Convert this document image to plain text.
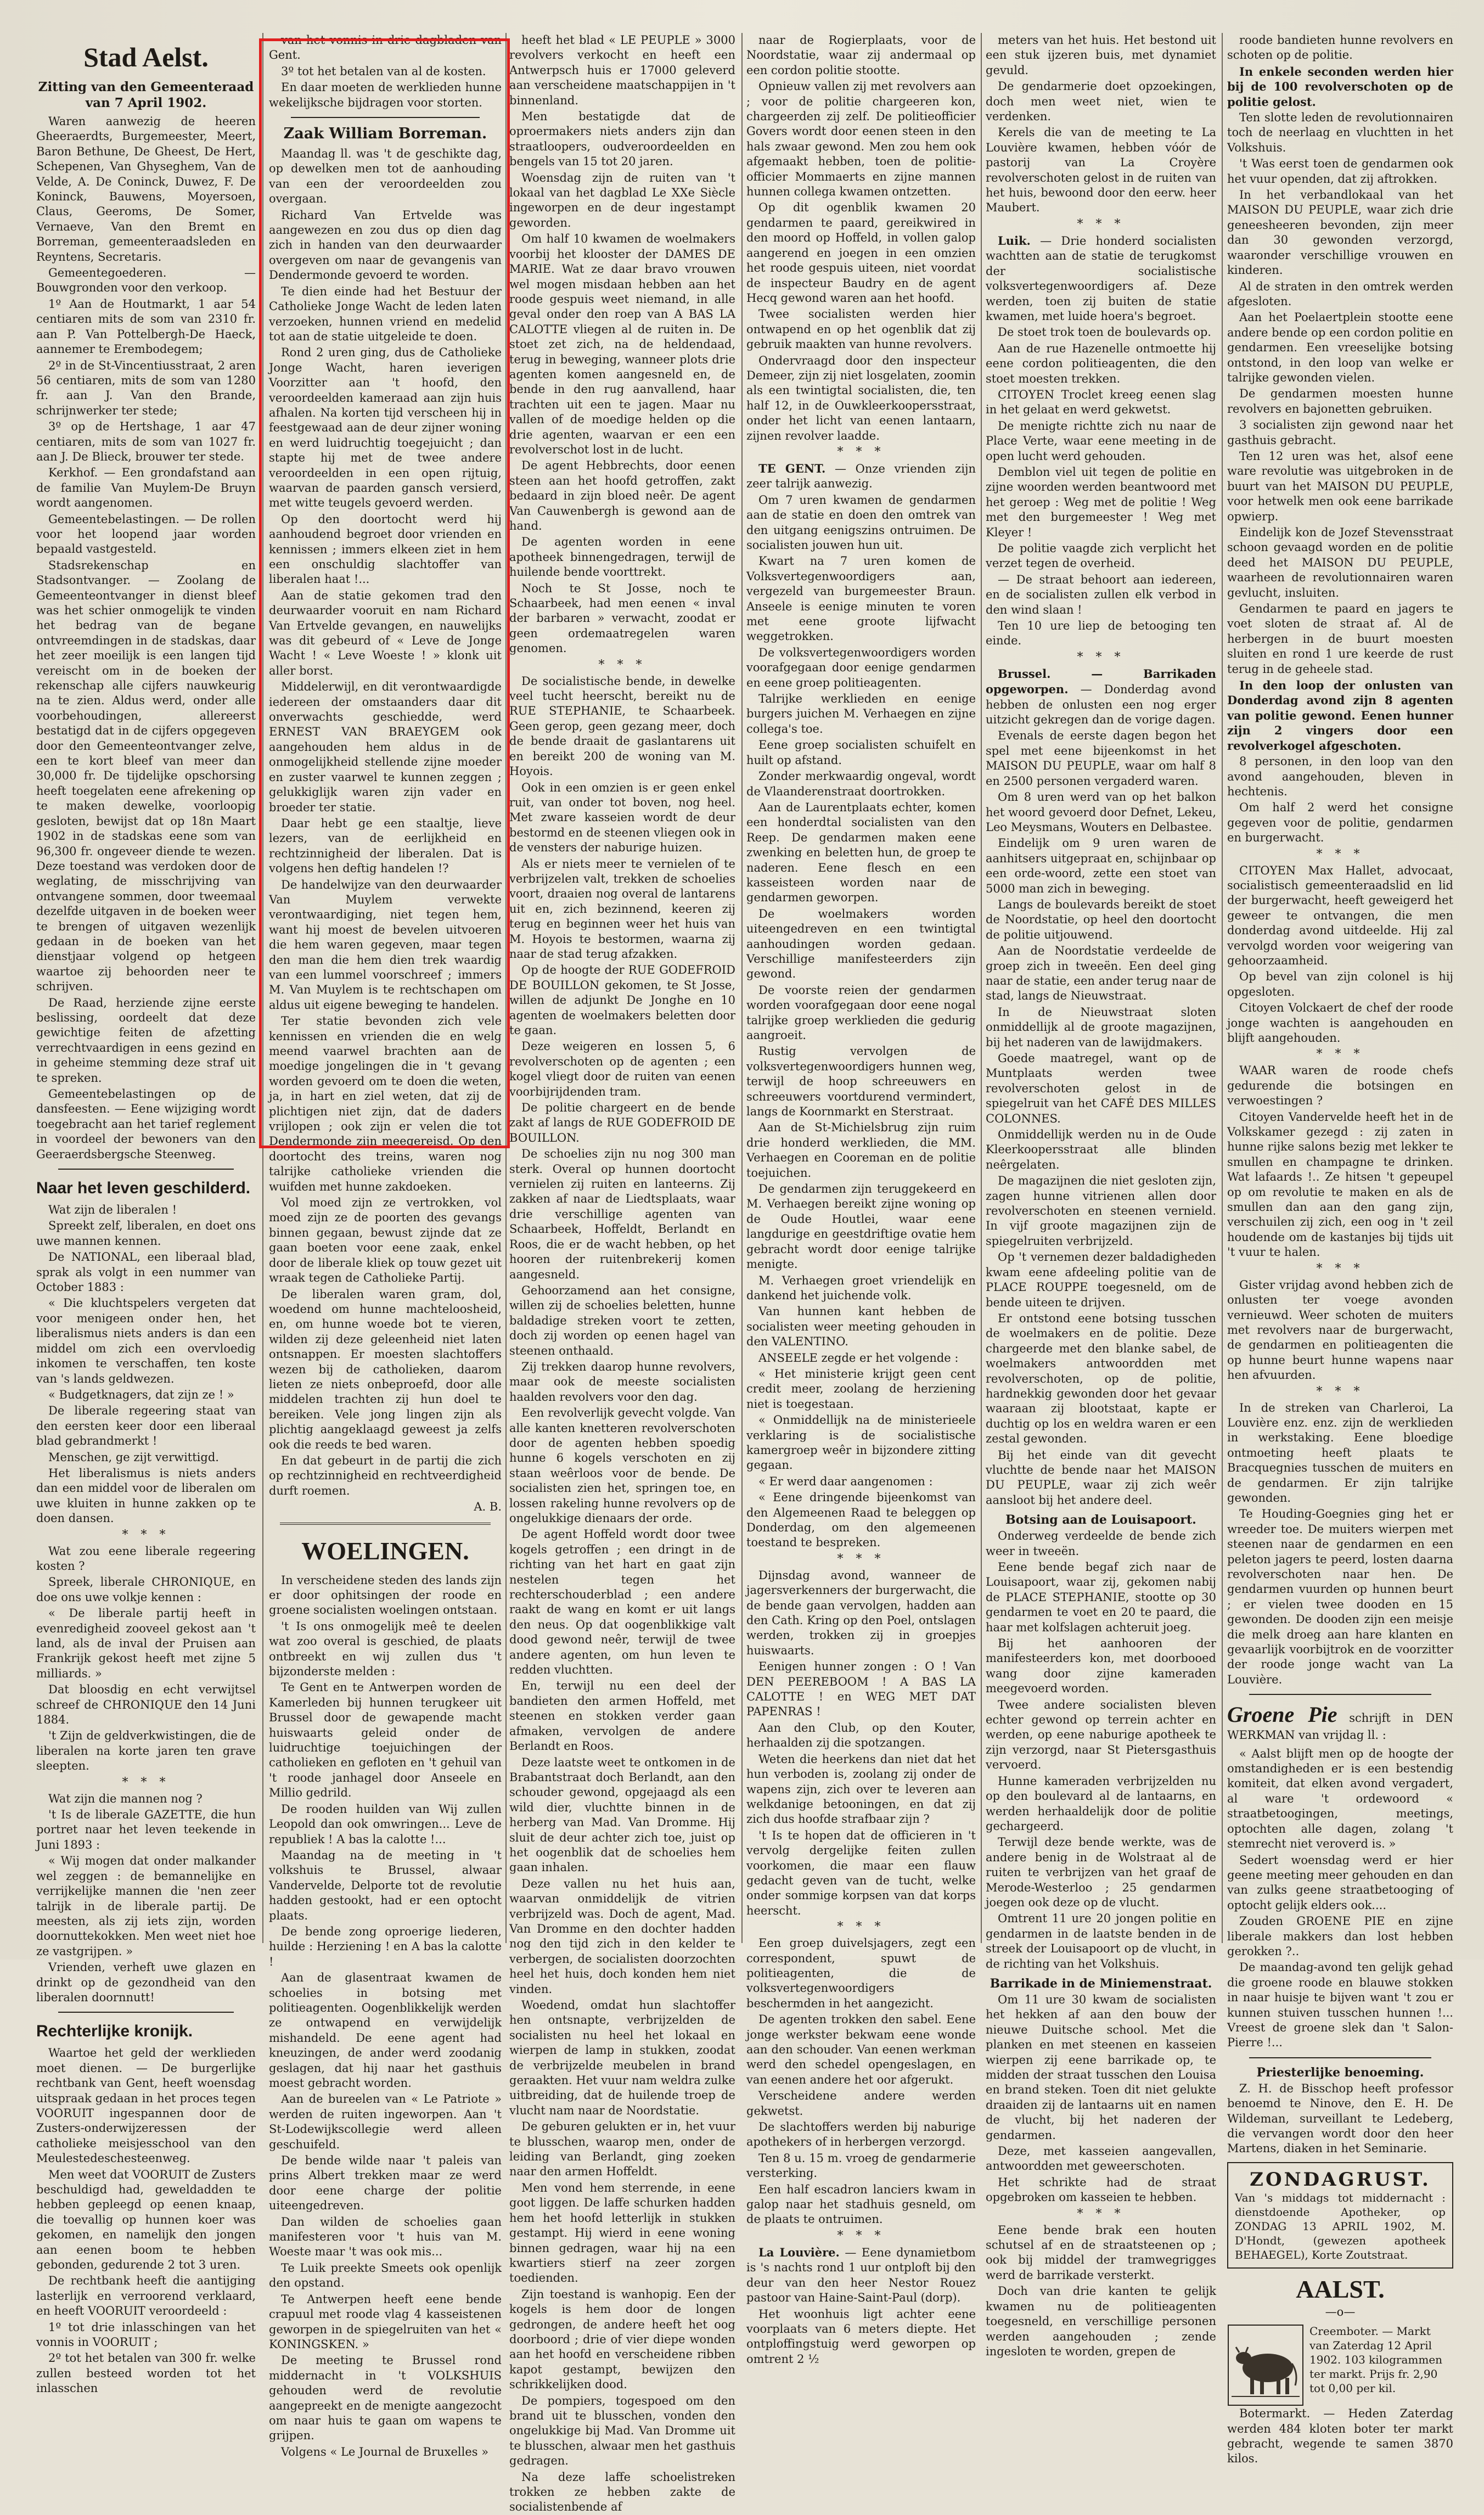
Stad Aelst.
Zitting van den Gemeenteraad van 7 April 1902.

Waren aanwezig de heeren Gheeraerdts, Burgemeester, Meert, Baron Bethune, De Gheest, De Hert, Schepenen, Van Ghyseghem, Van de Velde, A. De Coninck, Duwez, F. De Koninck, Bauwens, Moyersoen, Claus, Geeroms, De Somer, Vernaeve, Van den Bremt en Borreman, gemeenteraadsleden en Reyntens, Secretaris.

Gemeentegoederen. — Bouwgronden voor den verkoop.

1º Aan de Houtmarkt, 1 aar 54 centiaren mits de som van 2310 fr. aan P. Van Pottelbergh-De Haeck, aannemer te Erembodegem;

2º in de St-Vincentiusstraat, 2 aren 56 centiaren, mits de som van 1280 fr. aan J. Van den Brande, schrijnwerker ter stede;

3º op de Hertshage, 1 aar 47 centiaren, mits de som van 1027 fr. aan J. De Blieck, brouwer ter stede.

Kerkhof. — Een grondafstand aan de familie Van Muylem-De Bruyn wordt aangenomen.

Gemeentebelastingen. — De rollen voor het loopend jaar worden bepaald vastgesteld.

Stadsrekenschap en Stadsontvanger. — Zoolang de Gemeenteontvanger in dienst bleef was het schier onmogelijk te vinden het bedrag van de begane ontvreemdingen in de stadskas, daar het zeer moeilijk is een langen tijd vereischt om in de boeken der rekenschap alle cijfers nauwkeurig na te zien. Aldus werd, onder alle voorbehoudingen, allereerst bestatigd dat in de cijfers opgegeven door den Gemeenteontvanger zelve, een te kort bleef van meer dan 30,000 fr. De tijdelijke opschorsing heeft toegelaten eene afrekening op te maken dewelke, voorloopig gesloten, bewijst dat op 18n Maart 1902 in de stadskas eene som van 96,300 fr. ongeveer diende te wezen. Deze toestand was verdoken door de weglating, de misschrijving van ontvangene sommen, door tweemaal dezelfde uitgaven in de boeken weer te brengen of uitgaven wezenlijk gedaan in de boeken van het dienstjaar volgend op hetgeen waartoe zij behoorden neer te schrijven.

De Raad, herziende zijne eerste beslissing, oordeelt dat deze gewichtige feiten de afzetting verrechtvaardigen in eens gezind en in geheime stemming deze straf uit te spreken.

Gemeentebelastingen op de dansfeesten. — Eene wijziging wordt toegebracht aan het tarief reglement in voordeel der bewoners van den Geeraerdsbergsche Steenweg.

Naar het leven geschilderd.

Wat zijn de liberalen !

Spreekt zelf, liberalen, en doet ons uwe mannen kennen.

De NATIONAL, een liberaal blad, sprak als volgt in een nummer van October 1883 :

« Die kluchtspelers vergeten dat voor menigeen onder hen, het liberalismus niets anders is dan een middel om zich een overvloedig inkomen te verschaffen, ten koste van 's lands geldwezen.

« Budgetknagers, dat zijn ze ! »

De liberale regeering staat van den eersten keer door een liberaal blad gebrandmerkt !

Menschen, ge zijt verwittigd.

Het liberalismus is niets anders dan een middel voor de liberalen om uwe kluiten in hunne zakken op te doen dansen.

* * *

Wat zou eene liberale regeering kosten ?

Spreek, liberale CHRONIQUE, en doe ons uwe volkje kennen :

« De liberale partij heeft in evenredigheid zooveel gekost aan 't land, als de inval der Pruisen aan Frankrijk gekost heeft met zijne 5 milliards. »

Dat bloosdig en echt verwijtsel schreef de CHRONIQUE den 14 Juni 1884.

't Zijn de geldverkwistingen, die de liberalen na korte jaren ten grave sleepten.

* * *

Wat zijn die mannen nog ?

't Is de liberale GAZETTE, die hun portret naar het leven teekende in Juni 1893 :

« Wij mogen dat onder malkander wel zeggen : de bemannelijke en verrijkelijke mannen die 'nen zeer talrijk in de liberale partij. De meesten, als zij iets zijn, worden doornuttekokken. Men weet niet hoe ze vastgrijpen. »

Vrienden, verheft uwe glazen en drinkt op de gezondheid van den liberalen doornnutt!

Rechterlijke kronijk.

Waartoe het geld der werklieden moet dienen. — De burgerlijke rechtbank van Gent, heeft woensdag uitspraak gedaan in het proces tegen VOORUIT ingespannen door de Zusters-onderwijzeressen der catholieke meisjesschool van den Meulestedeschesteenweg.

Men weet dat VOORUIT de Zusters beschuldigd had, geweldadden te hebben gepleegd op eenen knaap, die toevallig op hunnen koer was gekomen, en namelijk den jongen aan eenen boom te hebben gebonden, gedurende 2 tot 3 uren.

De rechtbank heeft die aantijging lasterlijk en verroorend verklaard, en heeft VOORUIT veroordeeld :

1º tot drie inlasschingen van het vonnis in VOORUIT ;

2º tot het betalen van 300 fr. welke zullen besteed worden tot het inlasschen

van het vonnis in drie dagbladen van Gent.

3º tot het betalen van al de kosten.

En daar moeten de werklieden hunne wekelijksche bijdragen voor storten.

Zaak William Borreman.

Maandag ll. was 't de geschikte dag, op dewelken men tot de aanhouding van een der veroordeelden zou overgaan.

Richard Van Ertvelde was aangewezen en zou dus op dien dag zich in handen van den deurwaarder overgeven om naar de gevangenis van Dendermonde gevoerd te worden.

Te dien einde had het Bestuur der Catholieke Jonge Wacht de leden laten verzoeken, hunnen vriend en medelid tot aan de statie uitgeleide te doen.

Rond 2 uren ging, dus de Catholieke Jonge Wacht, haren ieverigen Voorzitter aan 't hoofd, den veroordeelden kameraad aan zijn huis afhalen. Na korten tijd verscheen hij in feestgewaad aan de deur zijner woning en werd luidruchtig toegejuicht ; dan stapte hij met de twee andere veroordeelden in een open rijtuig, waarvan de paarden gansch versierd, met witte teugels gevoerd werden.

Op den doortocht werd hij aanhoudend begroet door vrienden en kennissen ; immers elkeen ziet in hem een onschuldig slachtoffer van liberalen haat !...

Aan de statie gekomen trad den deurwaarder vooruit en nam Richard Van Ertvelde gevangen, en nauwelijks was dit gebeurd of « Leve de Jonge Wacht ! « Leve Woeste ! » klonk uit aller borst.

Middelerwijl, en dit verontwaardigde iedereen der omstaanders daar dit onverwachts geschiedde, werd ERNEST VAN BRAEYGEM ook aangehouden hem aldus in de onmogelijkheid stellende zijne moeder en zuster vaarwel te kunnen zeggen ; gelukkiglijk waren zijn vader en broeder ter statie.

Daar hebt ge een staaltje, lieve lezers, van de eerlijkheid en rechtzinnigheid der liberalen. Dat is volgens hen deftig handelen !?

De handelwijze van den deurwaarder Van Muylem verwekte verontwaardiging, niet tegen hem, want hij moest de bevelen uitvoeren die hem waren gegeven, maar tegen den man die hem dien trek waardig van een lummel voorschreef ; immers M. Van Muylem is te rechtschapen om aldus uit eigene beweging te handelen.

Ter statie bevonden zich vele kennissen en vrienden die en welg meend vaarwel brachten aan de moedige jongelingen die in 't gevang worden gevoerd om te doen die weten, ja, in hart en ziel weten, dat zij de plichtigen niet zijn, dat de daders vrijlopen ; ook zijn er velen die tot Dendermonde zijn meegereisd. Op den doortocht des treins, waren nog talrijke catholieke vrienden die wuifden met hunne zakdoeken.

Vol moed zijn ze vertrokken, vol moed zijn ze de poorten des gevangs binnen gegaan, bewust zijnde dat ze gaan boeten voor eene zaak, enkel door de liberale kliek op touw gezet uit wraak tegen de Catholieke Partij.

De liberalen waren gram, dol, woedend om hunne machteloosheid, en, om hunne woede bot te vieren, wilden zij deze geleenheid niet laten ontsnappen. Er moesten slachtoffers wezen bij de catholieken, daarom lieten ze niets onbeproefd, door alle middelen trachten zij hun doel te bereiken. Vele jong lingen zijn als plichtig aangeklaagd geweest ja zelfs ook die reeds te bed waren.

En dat gebeurt in de partij die zich op rechtzinnigheid en rechtveerdigheid durft roemen.

A. B.

WOELINGEN.

In verscheidene steden des lands zijn er door ophitsingen der roode en groene socialisten woelingen ontstaan.

't Is ons onmogelijk meê te deelen wat zoo overal is geschied, de plaats ontbreekt en wij zullen dus 't bijzonderste melden :

Te Gent en te Antwerpen worden de Kamerleden bij hunnen terugkeer uit Brussel door de gewapende macht huiswaarts geleid onder de luidruchtige toejuichingen der catholieken en gefloten en 't gehuil van 't roode janhagel door Anseele en Millio gedrild.

De rooden huilden van Wij zullen Leopold dan ook omwringen... Leve de republiek ! A bas la calotte !...

Maandag na de meeting in 't volkshuis te Brussel, alwaar Vandervelde, Delporte tot de revolutie hadden gestookt, had er een optocht plaats.

De bende zong oproerige liederen, huilde : Herziening ! en A bas la calotte !

Aan de glasentraat kwamen de schoelies in botsing met politieagenten. Oogenblikkelijk werden ze ontwapend en verwijdelijk mishandeld. De eene agent had kneuzingen, de ander werd zoodanig geslagen, dat hij naar het gasthuis moest gebracht worden.

Aan de bureelen van « Le Patriote » werden de ruiten ingeworpen. Aan 't St-Lodewijkscollegie werd alleen geschuifeld.

De bende wilde naar 't paleis van prins Albert trekken maar ze werd door eene charge der politie uiteengedreven.

Dan wilden de schoelies gaan manifesteren voor 't huis van M. Woeste maar 't was ook mis...

Te Luik preekte Smeets ook openlijk den opstand.

Te Antwerpen heeft eene bende crapuul met roode vlag 4 kasseistenen geworpen in de spiegelruiten van het « KONINGSKEN. »

De meeting te Brussel rond middernacht in 't VOLKSHUIS gehouden werd de revolutie aangepreekt en de menigte aangezocht om naar huis te gaan om wapens te grijpen.

Volgens « Le Journal de Bruxelles »

heeft het blad « LE PEUPLE » 3000 revolvers verkocht en heeft een Antwerpsch huis er 17000 geleverd aan verscheidene maatschappijen in 't binnenland.

Men bestatigde dat de oproermakers niets anders zijn dan straatloopers, oudveroordeelden en bengels van 15 tot 20 jaren.

Woensdag zijn de ruiten van 't lokaal van het dagblad Le XXe Siècle ingeworpen en de deur ingestampt geworden.

Om half 10 kwamen de woelmakers voorbij het klooster der DAMES DE MARIE. Wat ze daar bravo vrouwen wel mogen misdaan hebben aan het roode gespuis weet niemand, in alle geval onder den roep van A BAS LA CALOTTE vliegen al de ruiten in. De stoet zet zich, na de heldendaad, terug in beweging, wanneer plots drie agenten komen aangesneld en, de bende in den rug aanvallend, haar trachten uit een te jagen. Maar nu vallen of de moedige helden op die drie agenten, waarvan er een een revolverschot lost in de lucht.

De agent Hebbrechts, door eenen steen aan het hoofd getroffen, zakt bedaard in zijn bloed neêr. De agent Van Cauwenbergh is gewond aan de hand.

De agenten worden in eene apotheek binnengedragen, terwijl de huilende bende voorttrekt.

Noch te St Josse, noch te Schaarbeek, had men eenen « inval der barbaren » verwacht, zoodat er geen ordemaatregelen waren genomen.

* * *

De socialistische bende, in dewelke veel tucht heerscht, bereikt nu de RUE STEPHANIE, te Schaarbeek. Geen gerop, geen gezang meer, doch de bende draait de gaslantarens uit en bereikt 200 de woning van M. Hoyois.

Ook in een omzien is er geen enkel ruit, van onder tot boven, nog heel. Met zware kasseien wordt de deur bestormd en de steenen vliegen ook in de vensters der naburige huizen.

Als er niets meer te vernielen of te verbrijzelen valt, trekken de schoelies voort, draaien nog overal de lantarens uit en, zich bezinnend, keeren zij terug en beginnen weer het huis van M. Hoyois te bestormen, waarna zij naar de stad terug afzakken.

Op de hoogte der RUE GODEFROID DE BOUILLON gekomen, te St Josse, willen de adjunkt De Jonghe en 10 agenten de woelmakers beletten door te gaan.

Deze weigeren en lossen 5, 6 revolverschoten op de agenten ; een kogel vliegt door de ruiten van eenen voorbijrijdenden tram.

De politie chargeert en de bende zakt af langs de RUE GODEFROID DE BOUILLON.

De schoelies zijn nu nog 300 man sterk. Overal op hunnen doortocht vernielen zij ruiten en lanteerns. Zij zakken af naar de Liedtsplaats, waar drie verschillige agenten van Schaarbeek, Hoffeldt, Berlandt en Roos, die er de wacht hebben, op het hooren der ruitenbrekerij komen aangesneld.

Gehoorzamend aan het consigne, willen zij de schoelies beletten, hunne baldadige streken voort te zetten, doch zij worden op eenen hagel van steenen onthaald.

Zij trekken daarop hunne revolvers, maar ook de meeste socialisten haalden revolvers voor den dag.

Een revolverlijk gevecht volgde. Van alle kanten knetteren revolverschoten door de agenten hebben spoedig hunne 6 kogels verschoten en zij staan weêrloos voor de bende. De socialisten zien het, springen toe, en lossen rakeling hunne revolvers op de ongelukkige dienaars der orde.

De agent Hoffeld wordt door twee kogels getroffen ; een dringt in de richting van het hart en gaat zijn nestelen tegen het rechterschouderblad ; een andere raakt de wang en komt er uit langs den neus. Op dat oogenblikkige valt dood gewond neêr, terwijl de twee andere agenten, om hun leven te redden vluchtten.

En, terwijl nu een deel der bandieten den armen Hoffeld, met steenen en stokken verder gaan afmaken, vervolgen de andere Berlandt en Roos.

Deze laatste weet te ontkomen in de Brabantstraat doch Berlandt, aan den schouder gewond, opgejaagd als een wild dier, vluchtte binnen in de herberg van Mad. Van Dromme. Hij sluit de deur achter zich toe, juist op het oogenblik dat de schoelies hem gaan inhalen.

Deze vallen nu het huis aan, waarvan onmiddelijk de vitrien verbrijzeld was. Doch de agent, Mad. Van Dromme en den dochter hadden nog den tijd zich in den kelder te verbergen, de socialisten doorzochten heel het huis, doch konden hem niet vinden.

Woedend, omdat hun slachtoffer hen ontsnapte, verbrijzelden de socialisten nu heel het lokaal en wierpen de lamp in stukken, zoodat de verbrijzelde meubelen in brand geraakten. Het vuur nam weldra zulke uitbreiding, dat de huilende troep de vlucht nam naar de Noordstatie.

De geburen gelukten er in, het vuur te blusschen, waarop men, onder de leiding van Berlandt, ging zoeken naar den armen Hoffeldt.

Men vond hem sterrende, in eene goot liggen. De laffe schurken hadden hem het hoofd letterlijk in stukken gestampt. Hij wierd in eene woning binnen gedragen, waar hij na een kwartiers stierf na zeer zorgen toedienden.

Zijn toestand is wanhopig. Een der kogels is hem door de longen gedrongen, de andere heeft het oog doorboord ; drie of vier diepe wonden aan het hoofd en verscheidene ribben kapot gestampt, bewijzen den schrikkelijken dood.

De pompiers, togespoed om den brand uit te blusschen, vonden den ongelukkige bij Mad. Van Dromme uit te blusschen, alwaar men het gasthuis gedragen.

Na deze laffe schoelistreken trokken ze hebben zakte de socialistenbende af

naar de Rogierplaats, voor de Noordstatie, waar zij andermaal op een cordon politie stootte.

Opnieuw vallen zij met revolvers aan ; voor de politie chargeeren kon, chargeerden zij zelf. De politieofficier Govers wordt door eenen steen in den hals zwaar gewond. Men zou hem ook afgemaakt hebben, toen de politie-officier Mommaerts en zijne mannen hunnen collega kwamen ontzetten.

Op dit ogenblik kwamen 20 gendarmen te paard, gereikwired in den moord op Hoffeld, in vollen galop aangerend en joegen in een omzien het roode gespuis uiteen, niet voordat de inspecteur Baudry en de agent Hecq gewond waren aan het hoofd.

Twee socialisten werden hier ontwapend en op het ogenblik dat zij gebruik maakten van hunne revolvers.

Ondervraagd door den inspecteur Demeer, zijn zij niet losgelaten, zoomin als een twintigtal socialisten, die, ten half 12, in de Ouwkleerkoopersstraat, onder het licht van eenen lantaarn, zijnen revolver laadde.

* * *

TE GENT. — Onze vrienden zijn zeer talrijk aanwezig.

Om 7 uren kwamen de gendarmen aan de statie en doen den omtrek van den uitgang eenigszins ontruimen. De socialisten jouwen hun uit.

Kwart na 7 uren komen de Volksvertegenwoordigers aan, vergezeld van burgemeester Braun. Anseele is eenige minuten te voren met eene groote lijfwacht weggetrokken.

De volksvertegenwoordigers worden voorafgegaan door eenige gendarmen en eene groep politieagenten.

Talrijke werklieden en eenige burgers juichen M. Verhaegen en zijne collega's toe.

Eene groep socialisten schuifelt en huilt op afstand.

Zonder merkwaardig ongeval, wordt de Vlaanderenstraat doortrokken.

Aan de Laurentplaats echter, komen een honderdtal socialisten van den Reep. De gendarmen maken eene zwenking en beletten hun, de groep te naderen. Eene flesch en een kasseisteen worden naar de gendarmen geworpen.

De woelmakers worden uiteengedreven en een twintigtal aanhoudingen worden gedaan. Verschillige manifesteerders zijn gewond.

De voorste reien der gendarmen worden voorafgegaan door eene nogal talrijke groep werklieden die gedurig aangroeit.

Rustig vervolgen de volksvertegenwoordigers hunnen weg, terwijl de hoop schreeuwers en schreeuwers voortdurend vermindert, langs de Koornmarkt en Sterstraat.

Aan de St-Michielsbrug zijn ruim drie honderd werklieden, die MM. Verhaegen en Cooreman en de politie toejuichen.

De gendarmen zijn teruggekeerd en M. Verhaegen bereikt zijne woning op de Oude Houtlei, waar eene langdurige en geestdriftige ovatie hem gebracht wordt door eenige talrijke menigte.

M. Verhaegen groet vriendelijk en dankend het juichende volk.

Van hunnen kant hebben de socialisten weer meeting gehouden in den VALENTINO.

ANSEELE zegde er het volgende :

« Het ministerie krijgt geen cent credit meer, zoolang de herziening niet is toegestaan.

« Onmiddellijk na de ministerieele verklaring is de socialistische kamergroep weêr in bijzondere zitting gegaan.

« Er werd daar aangenomen :

« Eene dringende bijeenkomst van den Algemeenen Raad te beleggen op Donderdag, om den algemeenen toestand te bespreken.

* * *

Dijnsdag avond, wanneer de jagersverkenners der burgerwacht, die de bende gaan vervolgen, hadden aan den Cath. Kring op den Poel, ontslagen werden, trokken zij in groepjes huiswaarts.

Eenigen hunner zongen : O ! Van DEN PEEREBOOM ! A BAS LA CALOTTE ! en WEG MET DAT PAPENRAS !

Aan den Club, op den Kouter, herhaalden zij die spotzangen.

Weten die heerkens dan niet dat het hun verboden is, zoolang zij onder de wapens zijn, zich over te leveren aan welkdanige betooningen, en dat zij zich dus hoofde strafbaar zijn ?

't Is te hopen dat de officieren in 't vervolg dergelijke feiten zullen voorkomen, die maar een flauw gedacht geven van de tucht, welke onder sommige korpsen van dat korps heerscht.

* * *

Een groep duivelsjagers, zegt een correspondent, spuwt de politieagenten, die de volksvertegenwoordigers beschermden in het aangezicht.

De agenten trokken den sabel. Eene jonge werkster bekwam eene wonde aan den schouder. Van eenen werkman werd den schedel opengeslagen, en van eenen andere het oor afgerukt.

Verscheidene andere werden gekwetst.

De slachtoffers werden bij naburige apothekers of in herbergen verzorgd.

Ten 8 u. 15 m. vroeg de gendarmerie versterking.

Een half escadron lanciers kwam in galop naar het stadhuis gesneld, om de plaats te ontruimen.

* * *

La Louvière. — Eene dynamietbom is 's nachts rond 1 uur ontploft bij den deur van den heer Nestor Rouez pastoor van Haine-Saint-Paul (dorp).

Het woonhuis ligt achter eene voorplaats van 6 meters diepte. Het ontploffingstuig werd geworpen op omtrent 2 ½

meters van het huis. Het bestond uit een stuk ijzeren buis, met dynamiet gevuld.

De gendarmerie doet opzoekingen, doch men weet niet, wien te verdenken.

Kerels die van de meeting te La Louvière kwamen, hebben vóór de pastorij van La Croyère revolverschoten gelost in de ruiten van het huis, bewoond door den eerw. heer Maubert.

* * *

Luik. — Drie honderd socialisten wachtten aan de statie de terugkomst der socialistische volksvertegenwoordigers af. Deze werden, toen zij buiten de statie kwamen, met luide hoera's begroet.

De stoet trok toen de boulevards op.

Aan de rue Hazenelle ontmoette hij eene cordon politieagenten, die den stoet moesten trekken.

CITOYEN Troclet kreeg eenen slag in het gelaat en werd gekwetst.

De menigte richtte zich nu naar de Place Verte, waar eene meeting in de open lucht werd gehouden.

Demblon viel uit tegen de politie en zijne woorden werden beantwoord met het geroep : Weg met de politie ! Weg met den burgemeester ! Weg met Kleyer !

De politie vaagde zich verplicht het verzet tegen de overheid.

— De straat behoort aan iedereen, en de socialisten zullen elk verbod in den wind slaan !

Ten 10 ure liep de betooging ten einde.

* * *

Brussel. — Barrikaden opgeworpen. — Donderdag avond hebben de onlusten een nog erger uitzicht gekregen dan de vorige dagen.

Evenals de eerste dagen begon het spel met eene bijeenkomst in het MAISON DU PEUPLE, waar om half 8 en 2500 personen vergaderd waren.

Om 8 uren werd van op het balkon het woord gevoerd door Defnet, Lekeu, Leo Meysmans, Wouters en Delbastee.

Eindelijk om 9 uren waren de aanhitsers uitgepraat en, schijnbaar op een orde-woord, zette een stoet van 5000 man zich in beweging.

Langs de boulevards bereikt de stoet de Noordstatie, op heel den doortocht de politie uitjouwend.

Aan de Noordstatie verdeelde de groep zich in tweeën. Een deel ging naar de statie, een ander terug naar de stad, langs de Nieuwstraat.

In de Nieuwstraat sloten onmiddellijk al de groote magazijnen, bij het naderen van de lawijdmakers.

Goede maatregel, want op de Muntplaats werden twee revolverschoten gelost in de spiegelruit van het CAFÉ DES MILLES COLONNES.

Onmiddellijk werden nu in de Oude Kleerkoopersstraat alle blinden neêrgelaten.

De magazijnen die niet gesloten zijn, zagen hunne vitrienen allen door revolverschoten en steenen vernield. In vijf groote magazijnen zijn de spiegelruiten verbrijzeld.

Op 't vernemen dezer baldadigheden kwam eene afdeeling politie van de PLACE ROUPPE toegesneld, om de bende uiteen te drijven.

Er ontstond eene botsing tusschen de woelmakers en de politie. Deze chargeerde met den blanke sabel, de woelmakers antwoordden met revolverschoten, op de politie, hardnekkig gewonden door het gevaar waaraan zij blootstaat, kapte er duchtig op los en weldra waren er een zestal gewonden.

Bij het einde van dit gevecht vluchtte de bende naar het MAISON DU PEUPLE, waar zij zich weêr aansloot bij het andere deel.

Botsing aan de Louisapoort.

Onderweg verdeelde de bende zich weer in tweeën.

Eene bende begaf zich naar de Louisapoort, waar zij, gekomen nabij de PLACE STEPHANIE, stootte op 30 gendarmen te voet en 20 te paard, die haar met kolfslagen achteruit joeg.

Bij het aanhooren der manifesteerders kon, met doorbooed wang door zijne kameraden meegevoerd worden.

Twee andere socialisten bleven echter gewond op terrein achter en werden, op eene naburige apotheek te zijn verzorgd, naar St Pietersgasthuis vervoerd.

Hunne kameraden verbrijzelden nu op den boulevard al de lantaarns, en werden herhaaldelijk door de politie gechargeerd.

Terwijl deze bende werkte, was de andere benig in de Wolstraat al de ruiten te verbrijzen van het graaf de Merode-Westerloo ; 25 gendarmen joegen ook deze op de vlucht.

Omtrent 11 ure 20 jongen politie en gendarmen in de laatste benden in de streek der Louisapoort op de vlucht, in de richting van het Volkshuis.

Barrikade in de Miniemenstraat.

Om 11 ure 30 kwam de socialisten het hekken af aan den bouw der nieuwe Duitsche school. Met die planken en met steenen en kasseien wierpen zij eene barrikade op, te midden der straat tusschen den Louisa en brand steken. Toen dit niet gelukte draaiden zij de lantaarns uit en namen de vlucht, bij het naderen der gendarmen.

Deze, met kasseien aangevallen, antwoordden met geweerschoten.

Het schrikte had de straat opgebroken om kasseien te hebben.

* * *

Eene bende brak een houten schutsel af en de straatsteenen op ; ook bij middel der tramwegrigges werd de barrikade versterkt.

Doch van drie kanten te gelijk kwamen nu de politieagenten toegesneld, en verschillige personen werden aangehouden ; zende ingesloten te worden, grepen de

roode bandieten hunne revolvers en schoten op de politie.

In enkele seconden werden hier bij de 100 revolverschoten op de politie gelost.

Ten slotte leden de revolutionnairen toch de neerlaag en vluchtten in het Volkshuis.

't Was eerst toen de gendarmen ook het vuur openden, dat zij aftrokken.

In het verbandlokaal van het MAISON DU PEUPLE, waar zich drie geneesheeren bevonden, zijn meer dan 30 gewonden verzorgd, waaronder verschillige vrouwen en kinderen.

Al de straten in den omtrek werden afgesloten.

Aan het Poelaertplein stootte eene andere bende op een cordon politie en gendarmen. Een vreeselijke botsing ontstond, in den loop van welke er talrijke gewonden vielen.

De gendarmen moesten hunne revolvers en bajonetten gebruiken.

3 socialisten zijn gewond naar het gasthuis gebracht.

Ten 12 uren was het, alsof eene ware revolutie was uitgebroken in de buurt van het MAISON DU PEUPLE, voor hetwelk men ook eene barrikade opwierp.

Eindelijk kon de Jozef Stevensstraat schoon gevaagd worden en de politie deed het MAISON DU PEUPLE, waarheen de revolutionnairen waren gevlucht, insluiten.

Gendarmen te paard en jagers te voet sloten de straat af. Al de herbergen in de buurt moesten sluiten en rond 1 ure keerde de rust terug in de geheele stad.

In den loop der onlusten van Donderdag avond zijn 8 agenten van politie gewond. Eenen hunner zijn 2 vingers door een revolverkogel afgeschoten.

8 personen, in den loop van den avond aangehouden, bleven in hechtenis.

Om half 2 werd het consigne gegeven voor de politie, gendarmen en burgerwacht.

* * *

CITOYEN Max Hallet, advocaat, socialistisch gemeenteraadslid en lid der burgerwacht, heeft geweigerd het geweer te ontvangen, die men donderdag avond uitdeelde. Hij zal vervolgd worden voor weigering van gehoorzaamheid.

Op bevel van zijn colonel is hij opgesloten.

Citoyen Volckaert de chef der roode jonge wachten is aangehouden en blijft aangehouden.

* * *

WAAR waren de roode chefs gedurende die botsingen en verwoestingen ?

Citoyen Vandervelde heeft het in de Volkskamer gezegd : zij zaten in hunne rijke salons bezig met lekker te smullen en champagne te drinken. Wat lafaards !.. Ze hitsen 't gepeupel op om revolutie te maken en als de smullen dan aan den gang zijn, verschuilen zij zich, een oog in 't zeil houdende om de kastanjes bij tijds uit 't vuur te halen.

* * *

Gister vrijdag avond hebben zich de onlusten ter voege avonden vernieuwd. Weer schoten de muiters met revolvers naar de burgerwacht, de gendarmen en politieagenten die op hunne beurt hunne wapens naar hen afvuurden.

* * *

In de streken van Charleroi, La Louvière enz. enz. zijn de werklieden in werkstaking. Eene bloedige ontmoeting heeft plaats te Bracquegnies tusschen de muiters en de gendarmen. Er zijn talrijke gewonden.

Te Houding-Goegnies ging het er wreeder toe. De muiters wierpen met steenen naar de gendarmen en een peleton jagers te peerd, losten daarna revolverschoten naar hen. De gendarmen vuurden op hunnen beurt ; er vielen twee dooden en 15 gewonden. De dooden zijn een meisje die melk droeg aan hare klanten en gevaarlijk voorbijtrok en de voorzitter der roode jonge wacht van La Louvière.

Groene Pie schrijft in DEN WERKMAN van vrijdag ll. :

« Aalst blijft men op de hoogte der omstandigheden er is een bestendig komiteit, dat elken avond vergadert, al ware 't ordewoord « straatbetoogingen, meetings, optochten alle dagen, zolang 't stemrecht niet veroverd is. »

Sedert woensdag werd er hier geene meeting meer gehouden en dan van zulks geene straatbetooging of optocht gelijk elders ook....

Zouden GROENE PIE en zijne liberale makkers dan lost hebben gerokken ?..

De maandag-avond ten gelijk gehad die groene roode en blauwe stokken in naar huisje te bijven want 't zou er kunnen stuiven tusschen hunnen !... Vreest de groene slek dan 't Salon-Pierre !...

Priesterlijke benoeming.

Z. H. de Bisschop heeft professor benoemd te Ninove, den E. H. De Wildeman, surveillant te Ledeberg, die vervangen wordt door den heer Martens, diaken in het Seminarie.

ZONDAGRUST.
Van 's middags tot middernacht : dienstdoende Apotheker, op ZONDAG 13 APRIL 1902, M. D'Hondt, (gewezen apotheek BEHAEGEL), Korte Zoutstraat.
AALST.
—o—

Creemboter. — Markt van Zaterdag 12 April 1902. 103 kilogrammen ter markt. Prijs fr. 2,90 tot 0,00 per kil.

Botermarkt. — Heden Zaterdag werden 484 kloten boter ter markt gebracht, wegende te samen 3870 kilos.
